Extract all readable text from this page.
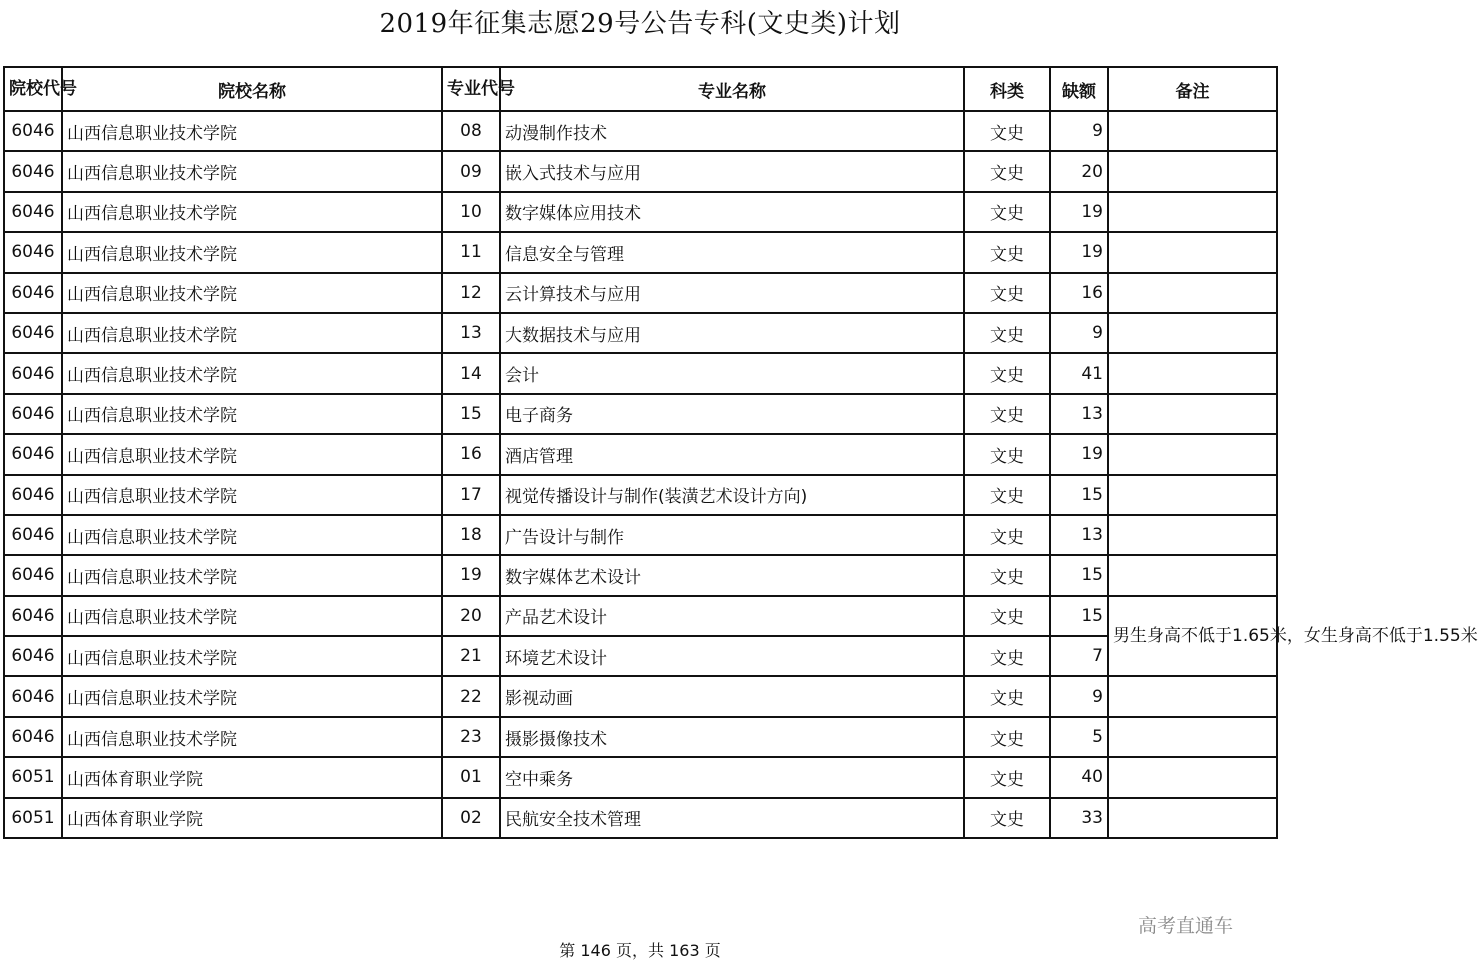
2019年征集志愿29号公告专科(文史类)计划
院校代号	院校名称	专业代号	专业名称	科类	缺额	备注
6046	山西信息职业技术学院	08	动漫制作技术	文史	9	
6046	山西信息职业技术学院	09	嵌入式技术与应用	文史	20	
6046	山西信息职业技术学院	10	数字媒体应用技术	文史	19	
6046	山西信息职业技术学院	11	信息安全与管理	文史	19	
6046	山西信息职业技术学院	12	云计算技术与应用	文史	16	
6046	山西信息职业技术学院	13	大数据技术与应用	文史	9	
6046	山西信息职业技术学院	14	会计	文史	41	
6046	山西信息职业技术学院	15	电子商务	文史	13	
6046	山西信息职业技术学院	16	酒店管理	文史	19	
6046	山西信息职业技术学院	17	视觉传播设计与制作(装潢艺术设计方向)	文史	15	
6046	山西信息职业技术学院	18	广告设计与制作	文史	13	
6046	山西信息职业技术学院	19	数字媒体艺术设计	文史	15	
6046	山西信息职业技术学院	20	产品艺术设计	文史	15	男生身高不低于1.65米，女生身高不低于1.55米
6046	山西信息职业技术学院	21	环境艺术设计	文史	7	
6046	山西信息职业技术学院	22	影视动画	文史	9	
6046	山西信息职业技术学院	23	摄影摄像技术	文史	5	
6051	山西体育职业学院	01	空中乘务	文史	40	
6051	山西体育职业学院	02	民航安全技术管理	文史	33	
高考直通车
第 146 页，共 163 页
